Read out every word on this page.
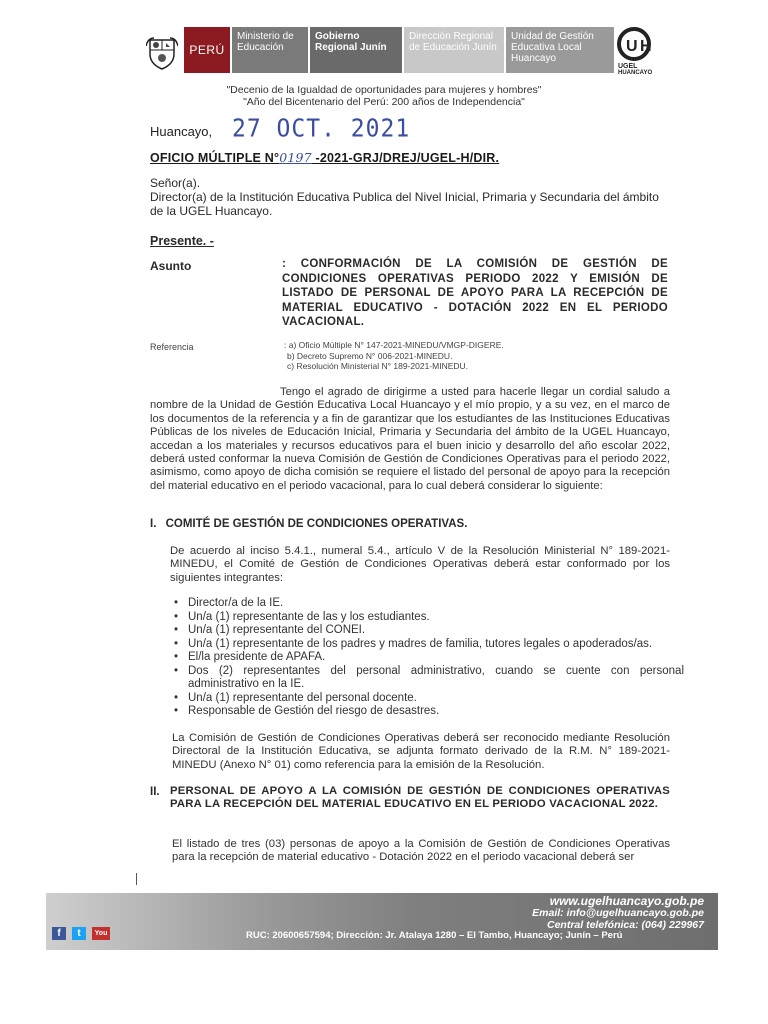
PERÚ
Ministerio de Educación
Gobierno Regional Junín
Dirección Regional de Educación Junín
Unidad de Gestión Educativa Local Huancayo
U H
UGEL
HUANCAYO
"Decenio de la Igualdad de oportunidades para mujeres y hombres"
"Año del Bicentenario del Perú: 200 años de Independencia"
Huancayo, 27 OCT. 2021
OFICIO MÚLTIPLE N°0197 -2021-GRJ/DREJ/UGEL-H/DIR.
Señor(a).
Director(a) de la Institución Educativa Publica del Nivel Inicial, Primaria y Secundaria del ámbito de la UGEL Huancayo.
Presente. -
Asunto	: CONFORMACIÓN DE LA COMISIÓN DE GESTIÓN DE CONDICIONES OPERATIVAS PERIODO 2022 Y EMISIÓN DE LISTADO DE PERSONAL DE APOYO PARA LA RECEPCIÓN DE MATERIAL EDUCATIVO - DOTACIÓN 2022 EN EL PERIODO VACACIONAL.
Referencia	: a) Oficio Múltiple N° 147-2021-MINEDU/VMGP-DIGERE.
b) Decreto Supremo N° 006-2021-MINEDU.
c) Resolución Ministerial N° 189-2021-MINEDU.
Tengo el agrado de dirigirme a usted para hacerle llegar un cordial saludo a nombre de la Unidad de Gestión Educativa Local Huancayo y el mío propio, y a su vez, en el marco de los documentos de la referencia y a fin de garantizar que los estudiantes de las Instituciones Educativas Públicas de los niveles de Educación Inicial, Primaria y Secundaria del ámbito de la UGEL Huancayo, accedan a los materiales y recursos educativos para el buen inicio y desarrollo del año escolar 2022, deberá usted conformar la nueva Comisión de Gestión de Condiciones Operativas para el periodo 2022, asimismo, como apoyo de dicha comisión se requiere el listado del personal de apoyo para la recepción del material educativo en el periodo vacacional, para lo cual deberá considerar lo siguiente:
I. COMITÉ DE GESTIÓN DE CONDICIONES OPERATIVAS.
De acuerdo al inciso 5.4.1., numeral 5.4., artículo V de la Resolución Ministerial N° 189-2021-MINEDU, el Comité de Gestión de Condiciones Operativas deberá estar conformado por los siguientes integrantes:
• Director/a de la IE.
• Un/a (1) representante de las y los estudiantes.
• Un/a (1) representante del CONEI.
• Un/a (1) representante de los padres y madres de familia, tutores legales o apoderados/as.
• El/la presidente de APAFA.
• Dos (2) representantes del personal administrativo, cuando se cuente con personal administrativo en la IE.
• Un/a (1) representante del personal docente.
• Responsable de Gestión del riesgo de desastres.
La Comisión de Gestión de Condiciones Operativas deberá ser reconocido mediante Resolución Directoral de la Institución Educativa, se adjunta formato derivado de la R.M. N° 189-2021-MINEDU (Anexo N° 01) como referencia para la emisión de la Resolución.
II. PERSONAL DE APOYO A LA COMISIÓN DE GESTIÓN DE CONDICIONES OPERATIVAS PARA LA RECEPCIÓN DEL MATERIAL EDUCATIVO EN EL PERIODO VACACIONAL 2022.
El listado de tres (03) personas de apoyo a la Comisión de Gestión de Condiciones Operativas para la recepción de material educativo - Dotación 2022 en el periodo vacacional deberá ser
www.ugelhuancayo.gob.pe
Email: info@ugelhuancayo.gob.pe
Central telefónica: (064) 229967
f	t	You	RUC: 20600657594; Dirección: Jr. Atalaya 1280 – El Tambo, Huancayo; Junín – Perú
